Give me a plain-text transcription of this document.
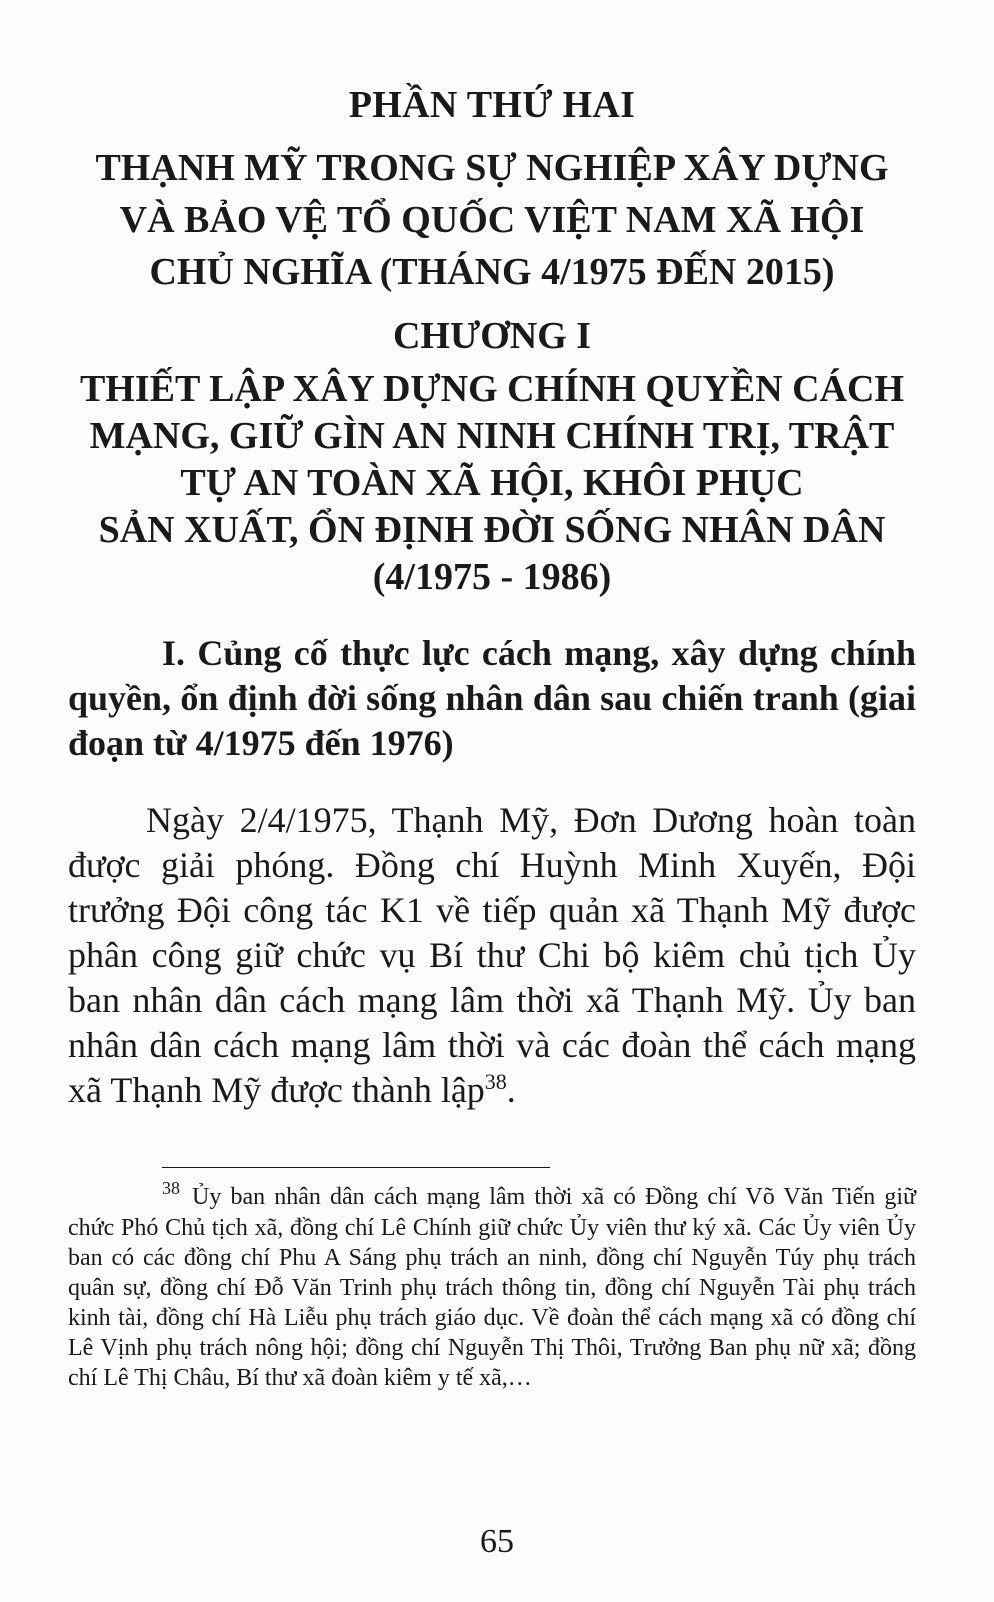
PHẦN THỨ HAI
THẠNH MỸ TRONG SỰ NGHIỆP XÂY DỰNG
VÀ BẢO VỆ TỔ QUỐC VIỆT NAM XÃ HỘI
CHỦ NGHĨA (THÁNG 4/1975 ĐẾN 2015)
CHƯƠNG I
THIẾT LẬP XÂY DỰNG CHÍNH QUYỀN CÁCH
MẠNG, GIỮ GÌN AN NINH CHÍNH TRỊ, TRẬT
TỰ AN TOÀN XÃ HỘI, KHÔI PHỤC
SẢN XUẤT, ỔN ĐỊNH ĐỜI SỐNG NHÂN DÂN
(4/1975 - 1986)

I. Củng cố thực lực cách mạng, xây dựng chính quyền, ổn định đời sống nhân dân sau chiến tranh (giai đoạn từ 4/1975 đến 1976)

Ngày 2/4/1975, Thạnh Mỹ, Đơn Dương hoàn toàn được giải phóng. Đồng chí Huỳnh Minh Xuyến, Đội trưởng Đội công tác K1 về tiếp quản xã Thạnh Mỹ được phân công giữ chức vụ Bí thư Chi bộ kiêm chủ tịch Ủy ban nhân dân cách mạng lâm thời xã Thạnh Mỹ. Ủy ban nhân dân cách mạng lâm thời và các đoàn thể cách mạng xã Thạnh Mỹ được thành lập$^{38}$.

$^{38}$ Ủy ban nhân dân cách mạng lâm thời xã có Đồng chí Võ Văn Tiến giữ chức Phó Chủ tịch xã, đồng chí Lê Chính giữ chức Ủy viên thư ký xã. Các Ủy viên Ủy ban có các đồng chí Phu A Sáng phụ trách an ninh, đồng chí Nguyễn Túy phụ trách quân sự, đồng chí Đỗ Văn Trinh phụ trách thông tin, đồng chí Nguyễn Tài phụ trách kinh tài, đồng chí Hà Liễu phụ trách giáo dục. Về đoàn thể cách mạng xã có đồng chí Lê Vịnh phụ trách nông hội; đồng chí Nguyễn Thị Thôi, Trưởng Ban phụ nữ xã; đồng chí Lê Thị Châu, Bí thư xã đoàn kiêm y tế xã,…

65
